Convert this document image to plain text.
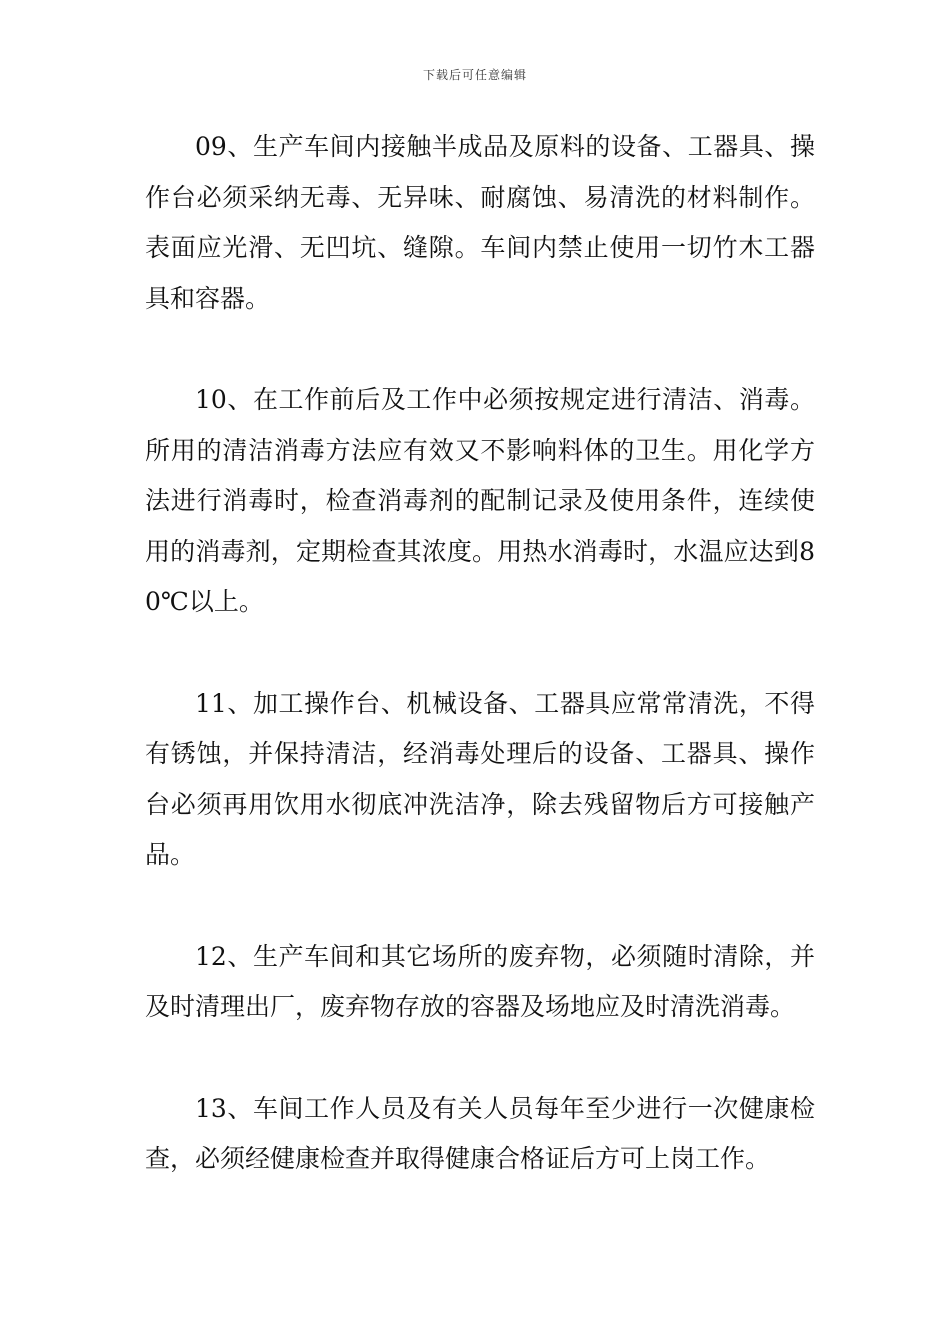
下载后可任意编辑

09、生产车间内接触半成品及原料的设备、工器具、操作台必须采纳无毒、无异味、耐腐蚀、易清洗的材料制作。表面应光滑、无凹坑、缝隙。车间内禁止使用一切竹木工器具和容器。

10、在工作前后及工作中必须按规定进行清洁、消毒。所用的清洁消毒方法应有效又不影响料体的卫生。用化学方法进行消毒时，检查消毒剂的配制记录及使用条件，连续使用的消毒剂，定期检查其浓度。用热水消毒时，水温应达到80℃以上。

11、加工操作台、机械设备、工器具应常常清洗，不得有锈蚀，并保持清洁，经消毒处理后的设备、工器具、操作台必须再用饮用水彻底冲洗洁净，除去残留物后方可接触产品。

12、生产车间和其它场所的废弃物，必须随时清除，并及时清理出厂，废弃物存放的容器及场地应及时清洗消毒。

13、车间工作人员及有关人员每年至少进行一次健康检查，必须经健康检查并取得健康合格证后方可上岗工作。
